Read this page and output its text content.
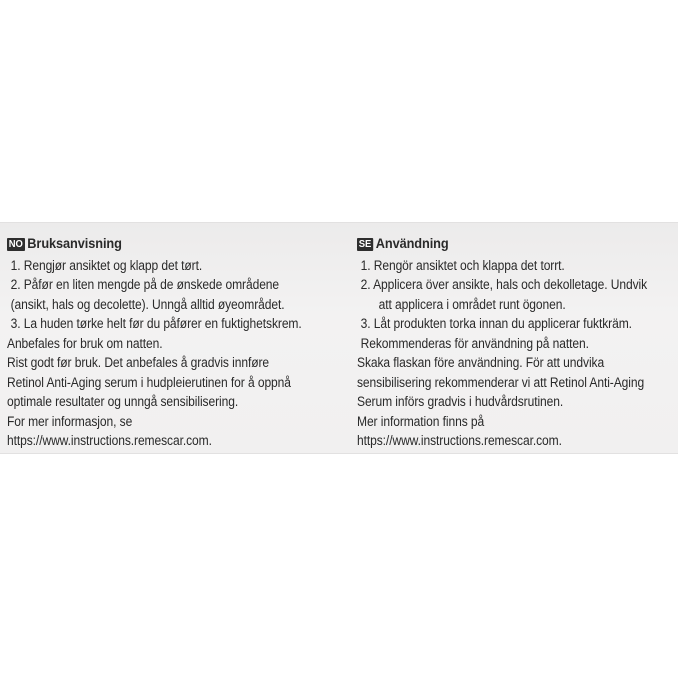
NO Bruksanvisning
1. Rengjør ansiktet og klapp det tørt.
2. Påfør en liten mengde på de ønskede områdene
(ansikt, hals og decolette). Unngå alltid øyeområdet.
3. La huden tørke helt før du påfører en fuktighetskrem.
Anbefales for bruk om natten.
Rist godt før bruk. Det anbefales å gradvis innføre
Retinol Anti-Aging serum i hudpleierutinen for å oppnå
optimale resultater og unngå sensibilisering.
For mer informasjon, se
https://www.instructions.remescar.com.
SE Användning
1. Rengör ansiktet och klappa det torrt.
2. Applicera över ansikte, hals och dekolletage. Undvik
att applicera i området runt ögonen.
3. Låt produkten torka innan du applicerar fuktkräm.
Rekommenderas för användning på natten.
Skaka flaskan före användning. För att undvika
sensibilisering rekommenderar vi att Retinol Anti-Aging
Serum införs gradvis i hudvårdsrutinen.
Mer information finns på
https://www.instructions.remescar.com.
